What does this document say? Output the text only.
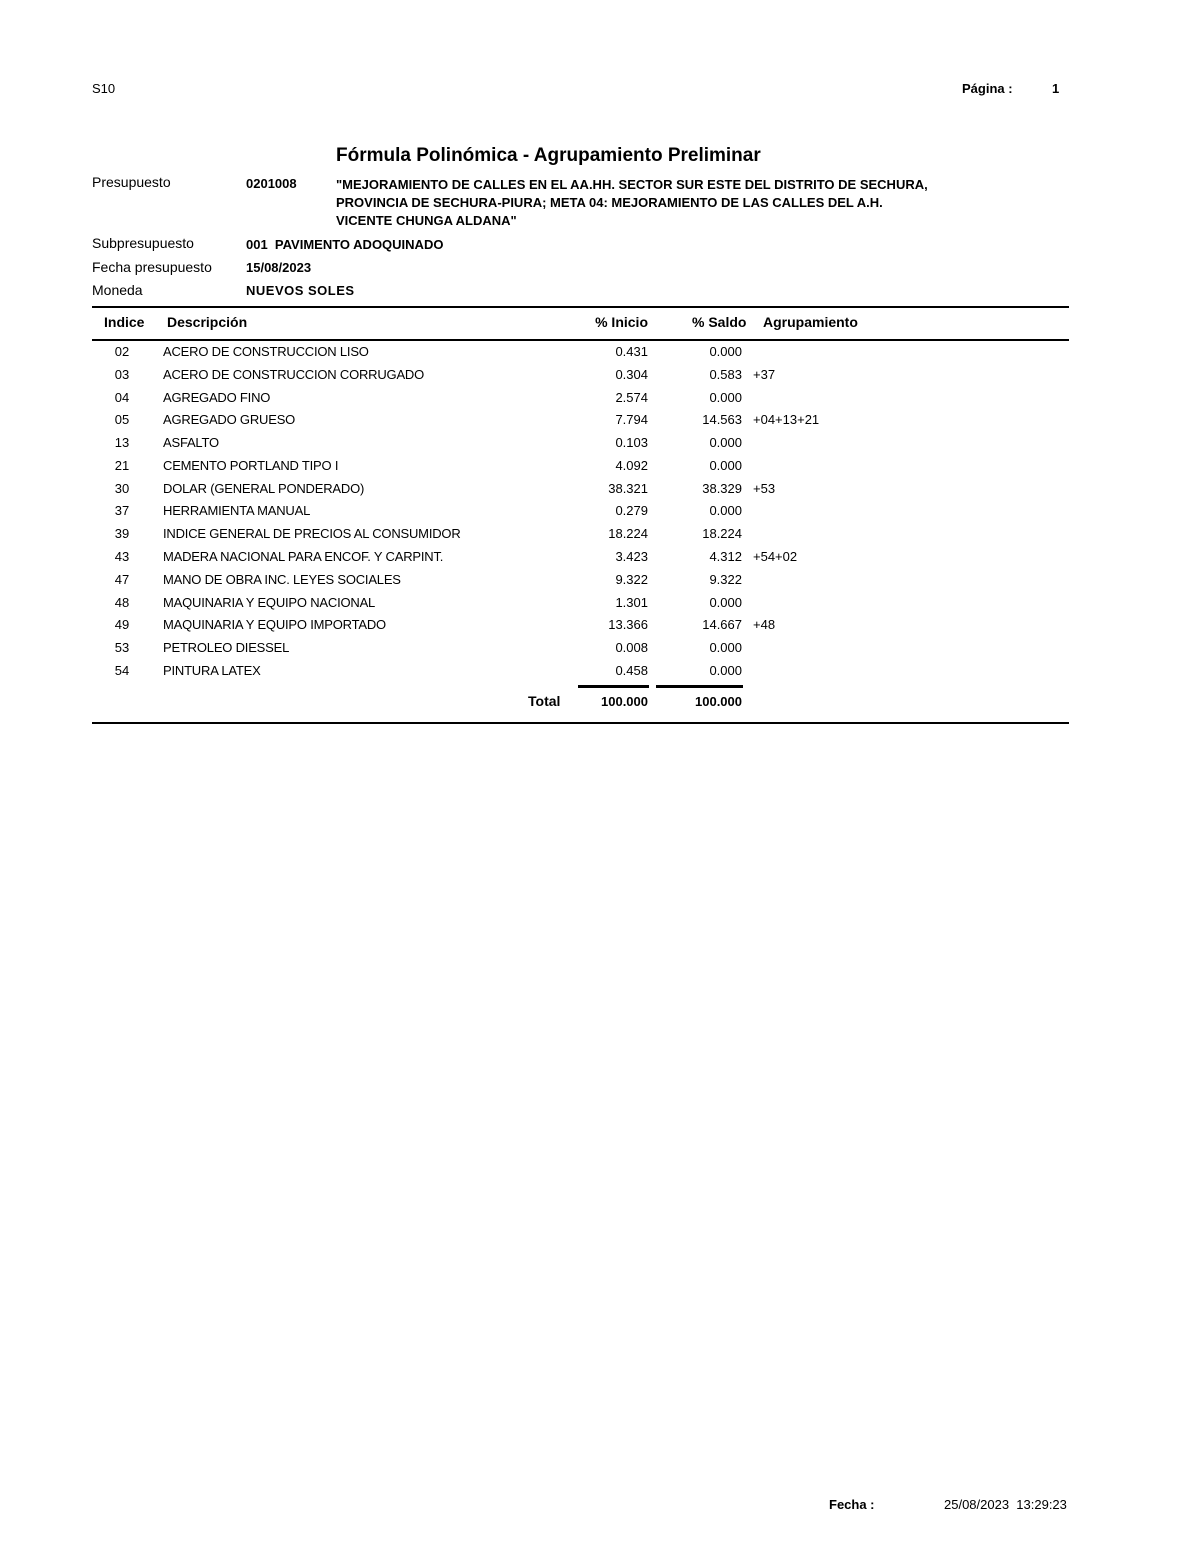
S10	Página :	1
Fórmula Polinómica - Agrupamiento Preliminar
Presupuesto	0201008	"MEJORAMIENTO DE CALLES EN EL AA.HH. SECTOR SUR ESTE DEL DISTRITO DE SECHURA,
PROVINCIA DE SECHURA-PIURA; META 04: MEJORAMIENTO DE LAS CALLES DEL A.H.
VICENTE CHUNGA ALDANA"
Subpresupuesto	001  PAVIMENTO ADOQUINADO
Fecha presupuesto	15/08/2023
Moneda	NUEVOS SOLES
Indice Descripción	% Inicio	% Saldo Agrupamiento
02	ACERO DE CONSTRUCCION LISO	0.431	0.000
03	ACERO DE CONSTRUCCION CORRUGADO	0.304	0.583 +37
04	AGREGADO FINO	2.574	0.000
05	AGREGADO GRUESO	7.794	14.563 +04+13+21
13	ASFALTO	0.103	0.000
21	CEMENTO PORTLAND TIPO I	4.092	0.000
30	DOLAR (GENERAL PONDERADO)	38.321	38.329 +53
37	HERRAMIENTA MANUAL	0.279	0.000
39	INDICE GENERAL DE PRECIOS AL CONSUMIDOR	18.224	18.224
43	MADERA NACIONAL PARA ENCOF. Y CARPINT.	3.423	4.312 +54+02
47	MANO DE OBRA INC. LEYES SOCIALES	9.322	9.322
48	MAQUINARIA Y EQUIPO NACIONAL	1.301	0.000
49	MAQUINARIA Y EQUIPO IMPORTADO	13.366	14.667 +48
53	PETROLEO DIESSEL	0.008	0.000
54	PINTURA LATEX	0.458	0.000
Total	100.000	100.000
Fecha :	25/08/2023  13:29:23
